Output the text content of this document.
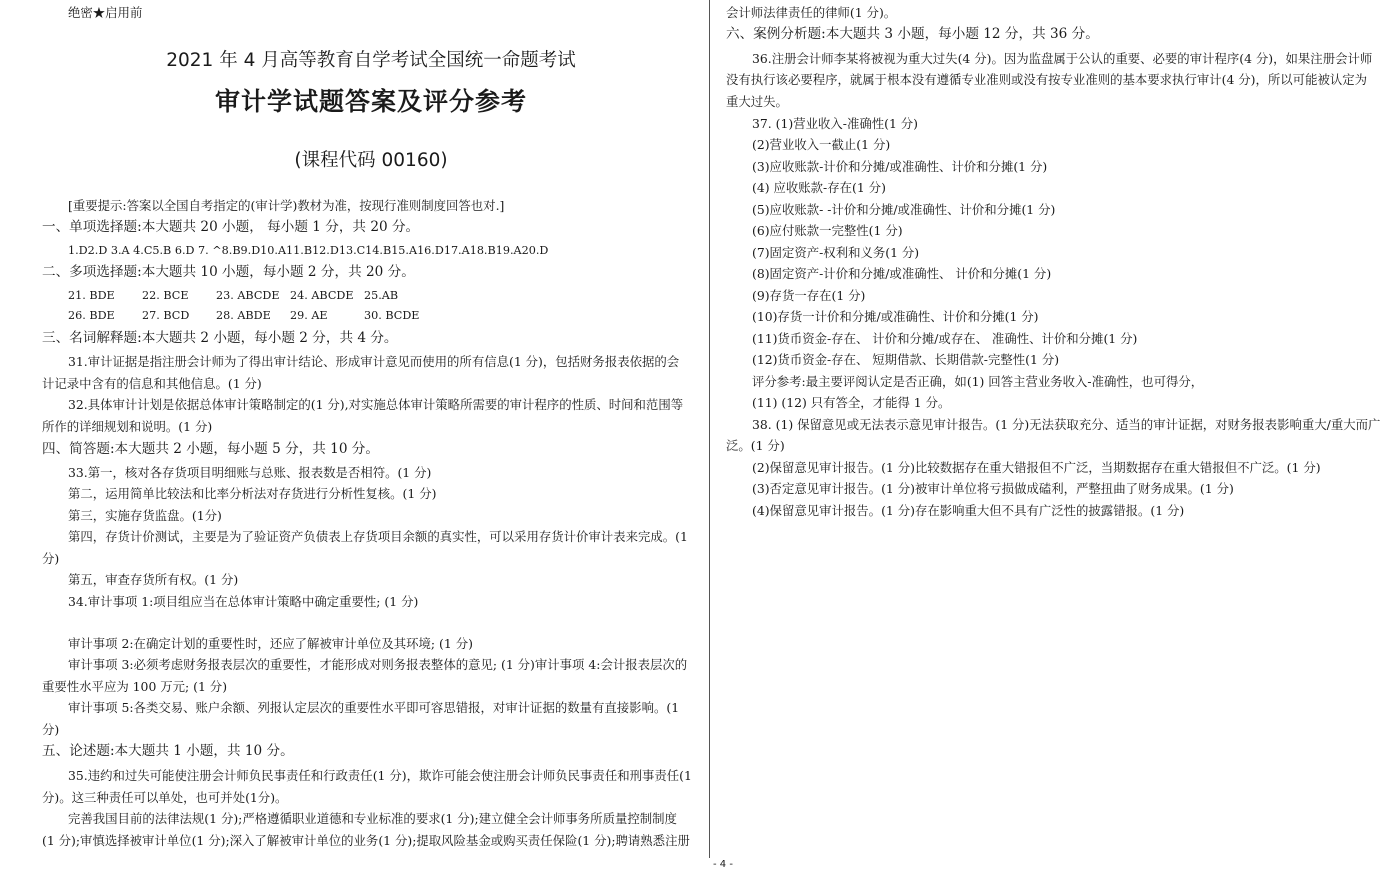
绝密★启用前
2021 年 4 月高等教育自学考试全国统一命题考试
审计学试题答案及评分参考
(课程代码 00160)
[重要提示:答案以全国自考指定的(审计学)教材为准，按现行准则制度回答也对.]
一、单项选择题:本大题共 20 小题， 每小题 1 分，共 20 分。
1.D2.D 3.A 4.C5.B 6.D 7. ^8.B9.D10.A11.B12.D13.C14.B15.A16.D17.A18.B19.A20.D
二、多项选择题:本大题共 10 小题，每小题 2 分，共 20 分。
21. BDE 22. BCE 23. ABCDE 24. ABCDE 25.AB
26. BDE 27. BCD 28. ABDE 29. AE	30. BCDE
三、名词解释题:本大题共 2 小题，每小题 2 分，共 4 分。
31.审计证据是指注册会计师为了得出审计结论、形成审计意见而使用的所有信息(1 分)，包括财务报表依据的会
计记录中含有的信息和其他信息。(1 分)
32.具体审计计划是依据总体审计策略制定的(1 分),对实施总体审计策略所需要的审计程序的性质、时间和范围等
所作的详细规划和说明。(1 分)
四、简答题:本大题共 2 小题，每小题 5 分，共 10 分。
33.第一，核对各存货项目明细账与总账、报表数是否相符。(1 分)
第二，运用简单比较法和比率分析法对存货进行分析性复核。(1 分)
第三，实施存货监盘。(1分)
第四，存货计价测试，主要是为了验证资产负债表上存货项目余额的真实性，可以采用存货计价审计表来完成。(1
分)
第五，审查存货所有权。(1 分)
34.审计事项 1:项目组应当在总体审计策略中确定重要性; (1 分)
审计事项 2:在确定计划的重要性时，还应了解被审计单位及其环境; (1 分)
审计事项 3:必须考虑财务报表层次的重要性，才能形成对则务报表整体的意见; (1 分)审计事项 4:会计报表层次的
重要性水平应为 100 万元; (1 分)
审计事项 5:各类交易、账户余额、列报认定层次的重要性水平即可容思错报，对审计证据的数量有直接影响。(1
分)
五、论述题:本大题共 1 小题，共 10 分。
35.违约和过失可能使注册会计师负民事责任和行政责任(1 分)，欺诈可能会使注册会计师负民事责任和刑事责任(1
分)。这三种责任可以单处，也可并处(1分)。
完善我国目前的法律法规(1 分);严格遵循职业道德和专业标准的要求(1 分);建立健全会计师事务所质量控制制度
(1 分);审慎选择被审计单位(1 分);深入了解被审计单位的业务(1 分);提取风险基金或购买责任保险(1 分);聘请熟悉注册
会计师法律责任的律师(1 分)。
六、案例分析题:本大题共 3 小题，每小题 12 分，共 36 分。
36.注册会计师李某将被视为重大过失(4 分)。因为监盘属于公认的重要、必要的审计程序(4 分)，如果注册会计师
没有执行该必要程序，就属于根本没有遵循专业准则或没有按专业准则的基本要求执行审计(4 分)，所以可能被认定为
重大过失。
37. (1)营业收入-准确性(1 分)
(2)营业收入一截止(1 分)
(3)应收账款-计价和分摊/或准确性、计价和分摊(1 分)
(4) 应收账款-存在(1 分)
(5)应收账款- -计价和分摊/或准确性、计价和分摊(1 分)
(6)应付账款一完整性(1 分)
(7)固定资产-权利和义务(1 分)
(8)固定资产-计价和分摊/或准确性、 计价和分摊(1 分)
(9)存货一存在(1 分)
(10)存货一计价和分摊/或准确性、计价和分摊(1 分)
(11)货币资金-存在、 计价和分摊/或存在、 准确性、计价和分摊(1 分)
(12)货币资金-存在、 短期借款、长期借款-完整性(1 分)
评分参考:最主要评阅认定是否正确，如(1) 回答主营业务收入-准确性，也可得分，
(11) (12) 只有答全，才能得 1 分。
38. (1) 保留意见或无法表示意见审计报告。(1 分)无法获取充分、适当的审计证据，对财务报表影响重大/重大而广
泛。(1 分)
(2)保留意见审计报告。(1 分)比较数据存在重大错报但不广泛，当期数据存在重大错报但不广泛。(1 分)
(3)否定意见审计报告。(1 分)被审计单位将亏损做成磕利，严整扭曲了财务成果。(1 分)
(4)保留意见审计报告。(1 分)存在影响重大但不具有广泛性的披露错报。(1 分)
- 4 -
